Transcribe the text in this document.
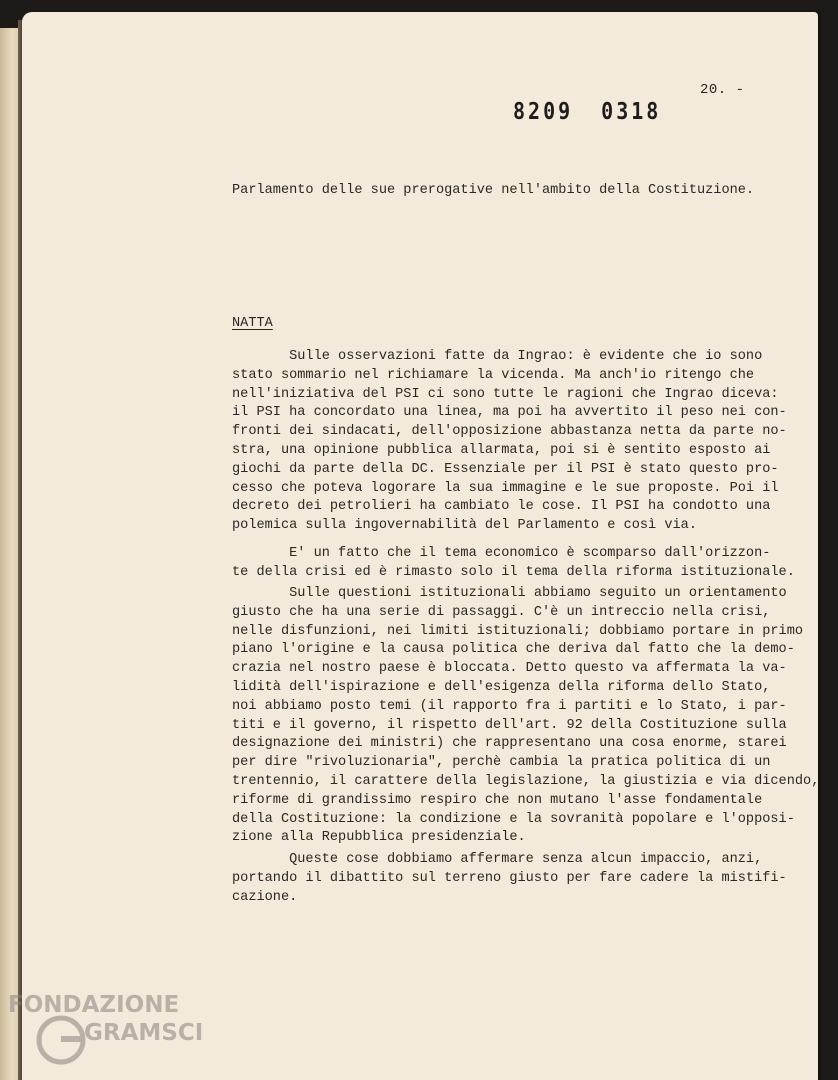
20. -
8209 0318

Parlamento delle sue prerogative nell'ambito della Costituzione.

NATTA

Sulle osservazioni fatte da Ingrao: è evidente che io sono
stato sommario nel richiamare la vicenda. Ma anch'io ritengo che
nell'iniziativa del PSI ci sono tutte le ragioni che Ingrao diceva:
il PSI ha concordato una linea, ma poi ha avvertito il peso nei con-
fronti dei sindacati, dell'opposizione abbastanza netta da parte no-
stra, una opinione pubblica allarmata, poi si è sentito esposto ai
giochi da parte della DC. Essenziale per il PSI è stato questo pro-
cesso che poteva logorare la sua immagine e le sue proposte. Poi il
decreto dei petrolieri ha cambiato le cose. Il PSI ha condotto una
polemica sulla ingovernabilità del Parlamento e così via.

E' un fatto che il tema economico è scomparso dall'orizzon-
te della crisi ed è rimasto solo il tema della riforma istituzionale.

Sulle questioni istituzionali abbiamo seguito un orientamento
giusto che ha una serie di passaggi. C'è un intreccio nella crisi,
nelle disfunzioni, nei limiti istituzionali; dobbiamo portare in primo
piano l'origine e la causa politica che deriva dal fatto che la demo-
crazia nel nostro paese è bloccata. Detto questo va affermata la va-
lidità dell'ispirazione e dell'esigenza della riforma dello Stato,
noi abbiamo posto temi (il rapporto fra i partiti e lo Stato, i par-
titi e il governo, il rispetto dell'art. 92 della Costituzione sulla
designazione dei ministri) che rappresentano una cosa enorme, starei
per dire "rivoluzionaria", perchè cambia la pratica politica di un
trentennio, il carattere della legislazione, la giustizia e via dicendo,
riforme di grandissimo respiro che non mutano l'asse fondamentale
della Costituzione: la condizione e la sovranità popolare e l'opposi-
zione alla Repubblica presidenziale.

Queste cose dobbiamo affermare senza alcun impaccio, anzi,
portando il dibattito sul terreno giusto per fare cadere la mistifi-
cazione.

FONDAZIONE
GRAMSCI
